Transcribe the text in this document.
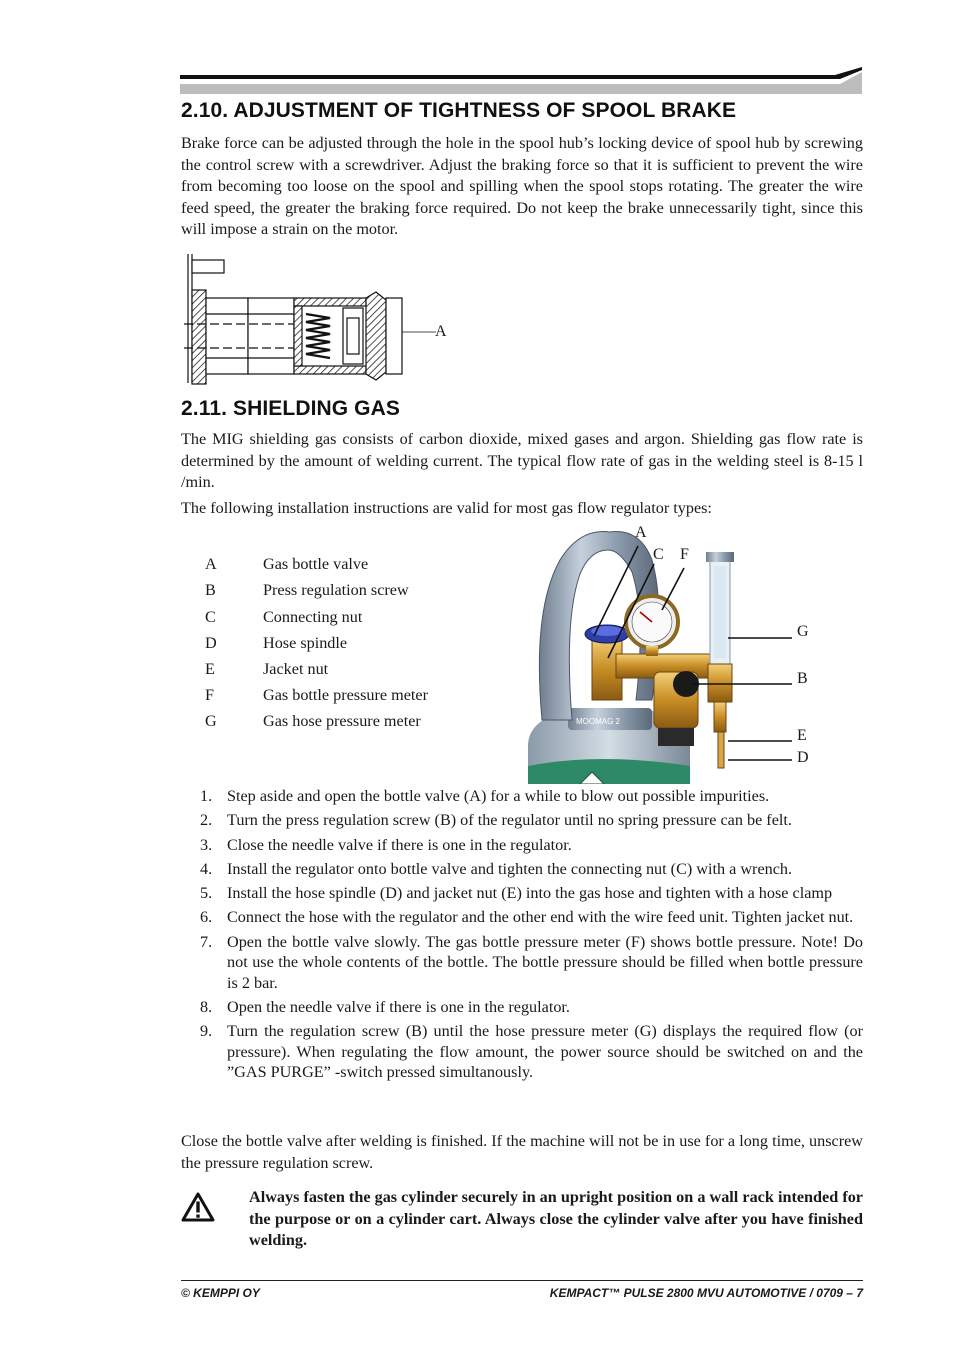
2.10. ADJUSTMENT OF TIGHTNESS OF SPOOL BRAKE
Brake force can be adjusted through the hole in the spool hub’s locking device of spool hub by screwing the control screw with a screwdriver. Adjust the braking force so that it is sufficient to prevent the wire from becoming too loose on the spool and spilling when the spool stops rotating. The greater the wire feed speed, the greater the braking force required. Do not keep the brake unnecessarily tight, since this will impose a strain on the motor.
A
2.11. SHIELDING GAS
The MIG shielding gas consists of carbon dioxide, mixed gases and argon. Shielding gas flow rate is determined by the amount of welding current. The typical flow rate of gas in the welding steel is 8-15 l /min.
The following installation instructions are valid for most gas flow regulator types:
A	Gas bottle valve
B	Press regulation screw
C	Connecting nut
D	Hose spindle
E	Jacket nut
F	Gas bottle pressure meter
G	Gas hose pressure meter	MOOMAG 2
A
C F
G
B
E
D
1. Step aside and open the bottle valve (A) for a while to blow out possible impurities.
2. Turn the press regulation screw (B) of the regulator until no spring pressure can be felt.
3. Close the needle valve if there is one in the regulator.
4. Install the regulator onto bottle valve and tighten the connecting nut (C) with a wrench.
5. Install the hose spindle (D) and jacket nut (E) into the gas hose and tighten with a hose clamp
6. Connect the hose with the regulator and the other end with the wire feed unit. Tighten jacket nut.
7. Open the bottle valve slowly. The gas bottle pressure meter (F) shows bottle pressure. Note! Do not use the whole contents of the bottle. The bottle pressure should be filled when bottle pressure is 2 bar.
8. Open the needle valve if there is one in the regulator.
9. Turn the regulation screw (B) until the hose pressure meter (G) displays the required flow (or pressure). When regulating the flow amount, the power source should be switched on and the ”GAS PURGE” -switch pressed simultanously.
Close the bottle valve after welding is finished. If the machine will not be in use for a long time, unscrew the pressure regulation screw.
Always fasten the gas cylinder securely in an upright position on a wall rack intended for the purpose or on a cylinder cart. Always close the cylinder valve after you have finished welding.
© KEMPPI OY	KEMPACT™ PULSE 2800 MVU AUTOMOTIVE / 0709 – 7
